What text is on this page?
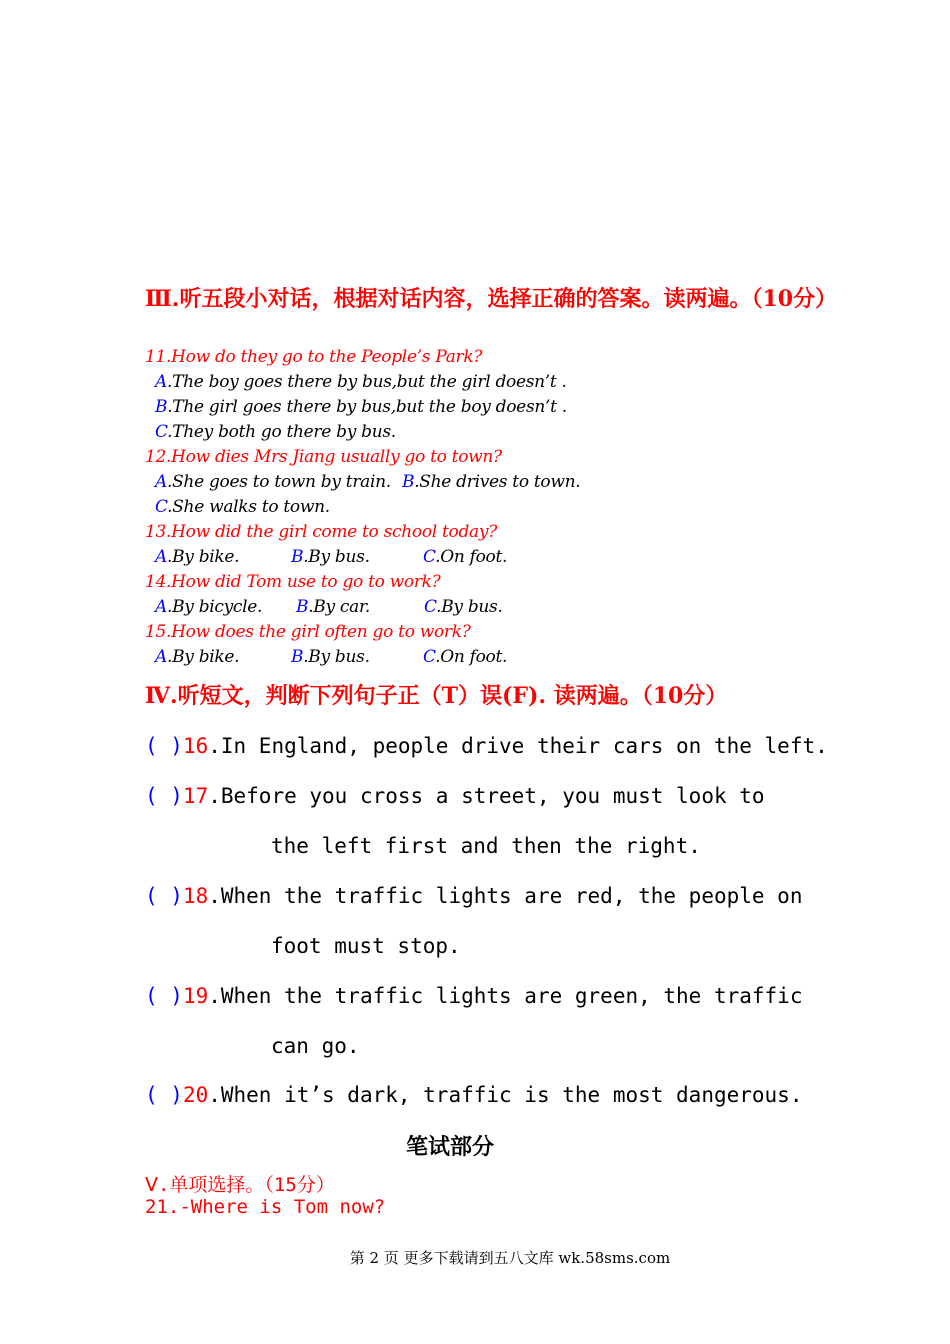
Ⅲ.听五段小对话，根据对话内容，选择正确的答案。读两遍。（10分）
11.How do they go to the People’s Park?
A.The boy goes there by bus,but the girl doesn’t .
B.The girl goes there by bus,but the boy doesn’t .
C.They both go there by bus.
12.How dies Mrs Jiang usually go to town?
A.She goes to town by train. B.She drives to town.
C.She walks to town.
13.How did the girl come to school today?
A.By bike.	B.By bus.	C.On foot.
14.How did Tom use to go to work?
A.By bicycle. B.By car.	C.By bus.
15.How does the girl often go to work?
A.By bike.	B.By bus.	C.On foot.
Ⅳ.听短文，判断下列句子正（T）误(F). 读两遍。（10分）
( )16.In England, people drive their cars on the left.
( )17.Before you cross a street, you must look to
the left first and then the right.
( )18.When the traffic lights are red, the people on
foot must stop.
( )19.When the traffic lights are green, the traffic
can go.
( )20.When it’s dark, traffic is the most dangerous.
笔试部分
Ⅴ.单项选择。（15分）
21.-Where is Tom now?
第 2 页 更多下载请到五八文库 wk.58sms.com
